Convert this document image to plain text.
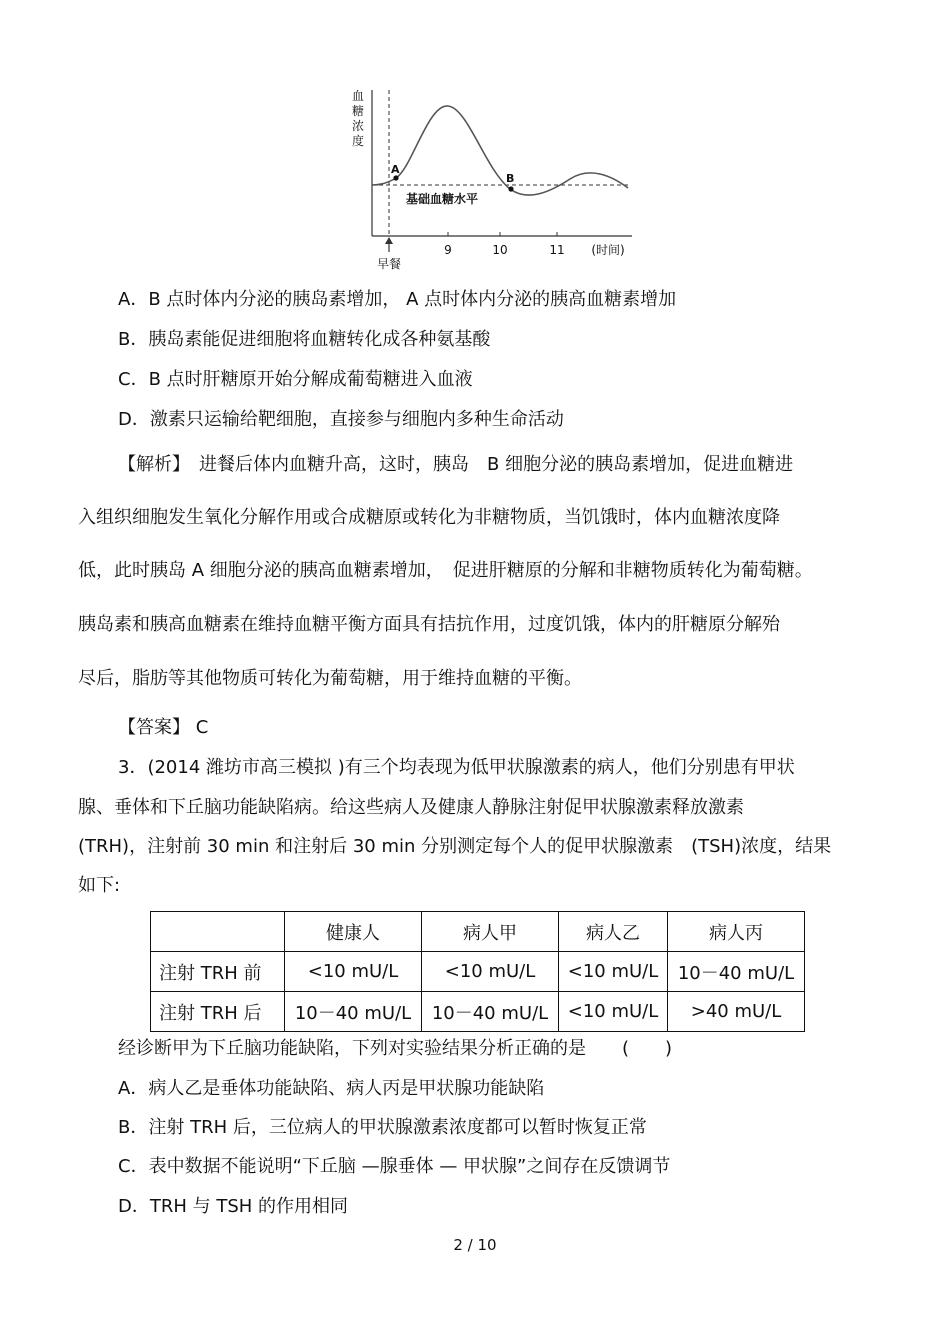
血
糖
浓
度
A
B
基础血糖水平
9	10	11 (时间)
早餐
A．B 点时体内分泌的胰岛素增加， A 点时体内分泌的胰高血糖素增加
B．胰岛素能促进细胞将血糖转化成各种氨基酸
C．B 点时肝糖原开始分解成葡萄糖进入血液
D．激素只运输给靶细胞，直接参与细胞内多种生命活动
【解析】　进餐后体内血糖升高，这时，胰岛　B 细胞分泌的胰岛素增加，促进血糖进
入组织细胞发生氧化分解作用或合成糖原或转化为非糖物质，当饥饿时，体内血糖浓度降
低，此时胰岛 A 细胞分泌的胰高血糖素增加，　促进肝糖原的分解和非糖物质转化为葡萄糖。
胰岛素和胰高血糖素在维持血糖平衡方面具有拮抗作用，过度饥饿，体内的肝糖原分解殆
尽后，脂肪等其他物质可转化为葡萄糖，用于维持血糖的平衡。
【答案】 C
3．(2014 潍坊市高三模拟 )有三个均表现为低甲状腺激素的病人，他们分别患有甲状
腺、垂体和下丘脑功能缺陷病。给这些病人及健康人静脉注射促甲状腺激素释放激素
(TRH)，注射前 30 min 和注射后 30 min 分别测定每个人的促甲状腺激素　(TSH)浓度，结果
如下:
	健康人	病人甲	病人乙	病人丙
注射 TRH 前	<10 mU/L	<10 mU/L	<10 mU/L	10－40 mU/L
注射 TRH 后	10－40 mU/L	10－40 mU/L	<10 mU/L	>40 mU/L
经诊断甲为下丘脑功能缺陷，下列对实验结果分析正确的是　　(　　)
A．病人乙是垂体功能缺陷、病人丙是甲状腺功能缺陷
B．注射 TRH 后，三位病人的甲状腺激素浓度都可以暂时恢复正常
C．表中数据不能说明“下丘脑 —腺垂体 — 甲状腺”之间存在反馈调节
D．TRH 与 TSH 的作用相同
2 / 10
